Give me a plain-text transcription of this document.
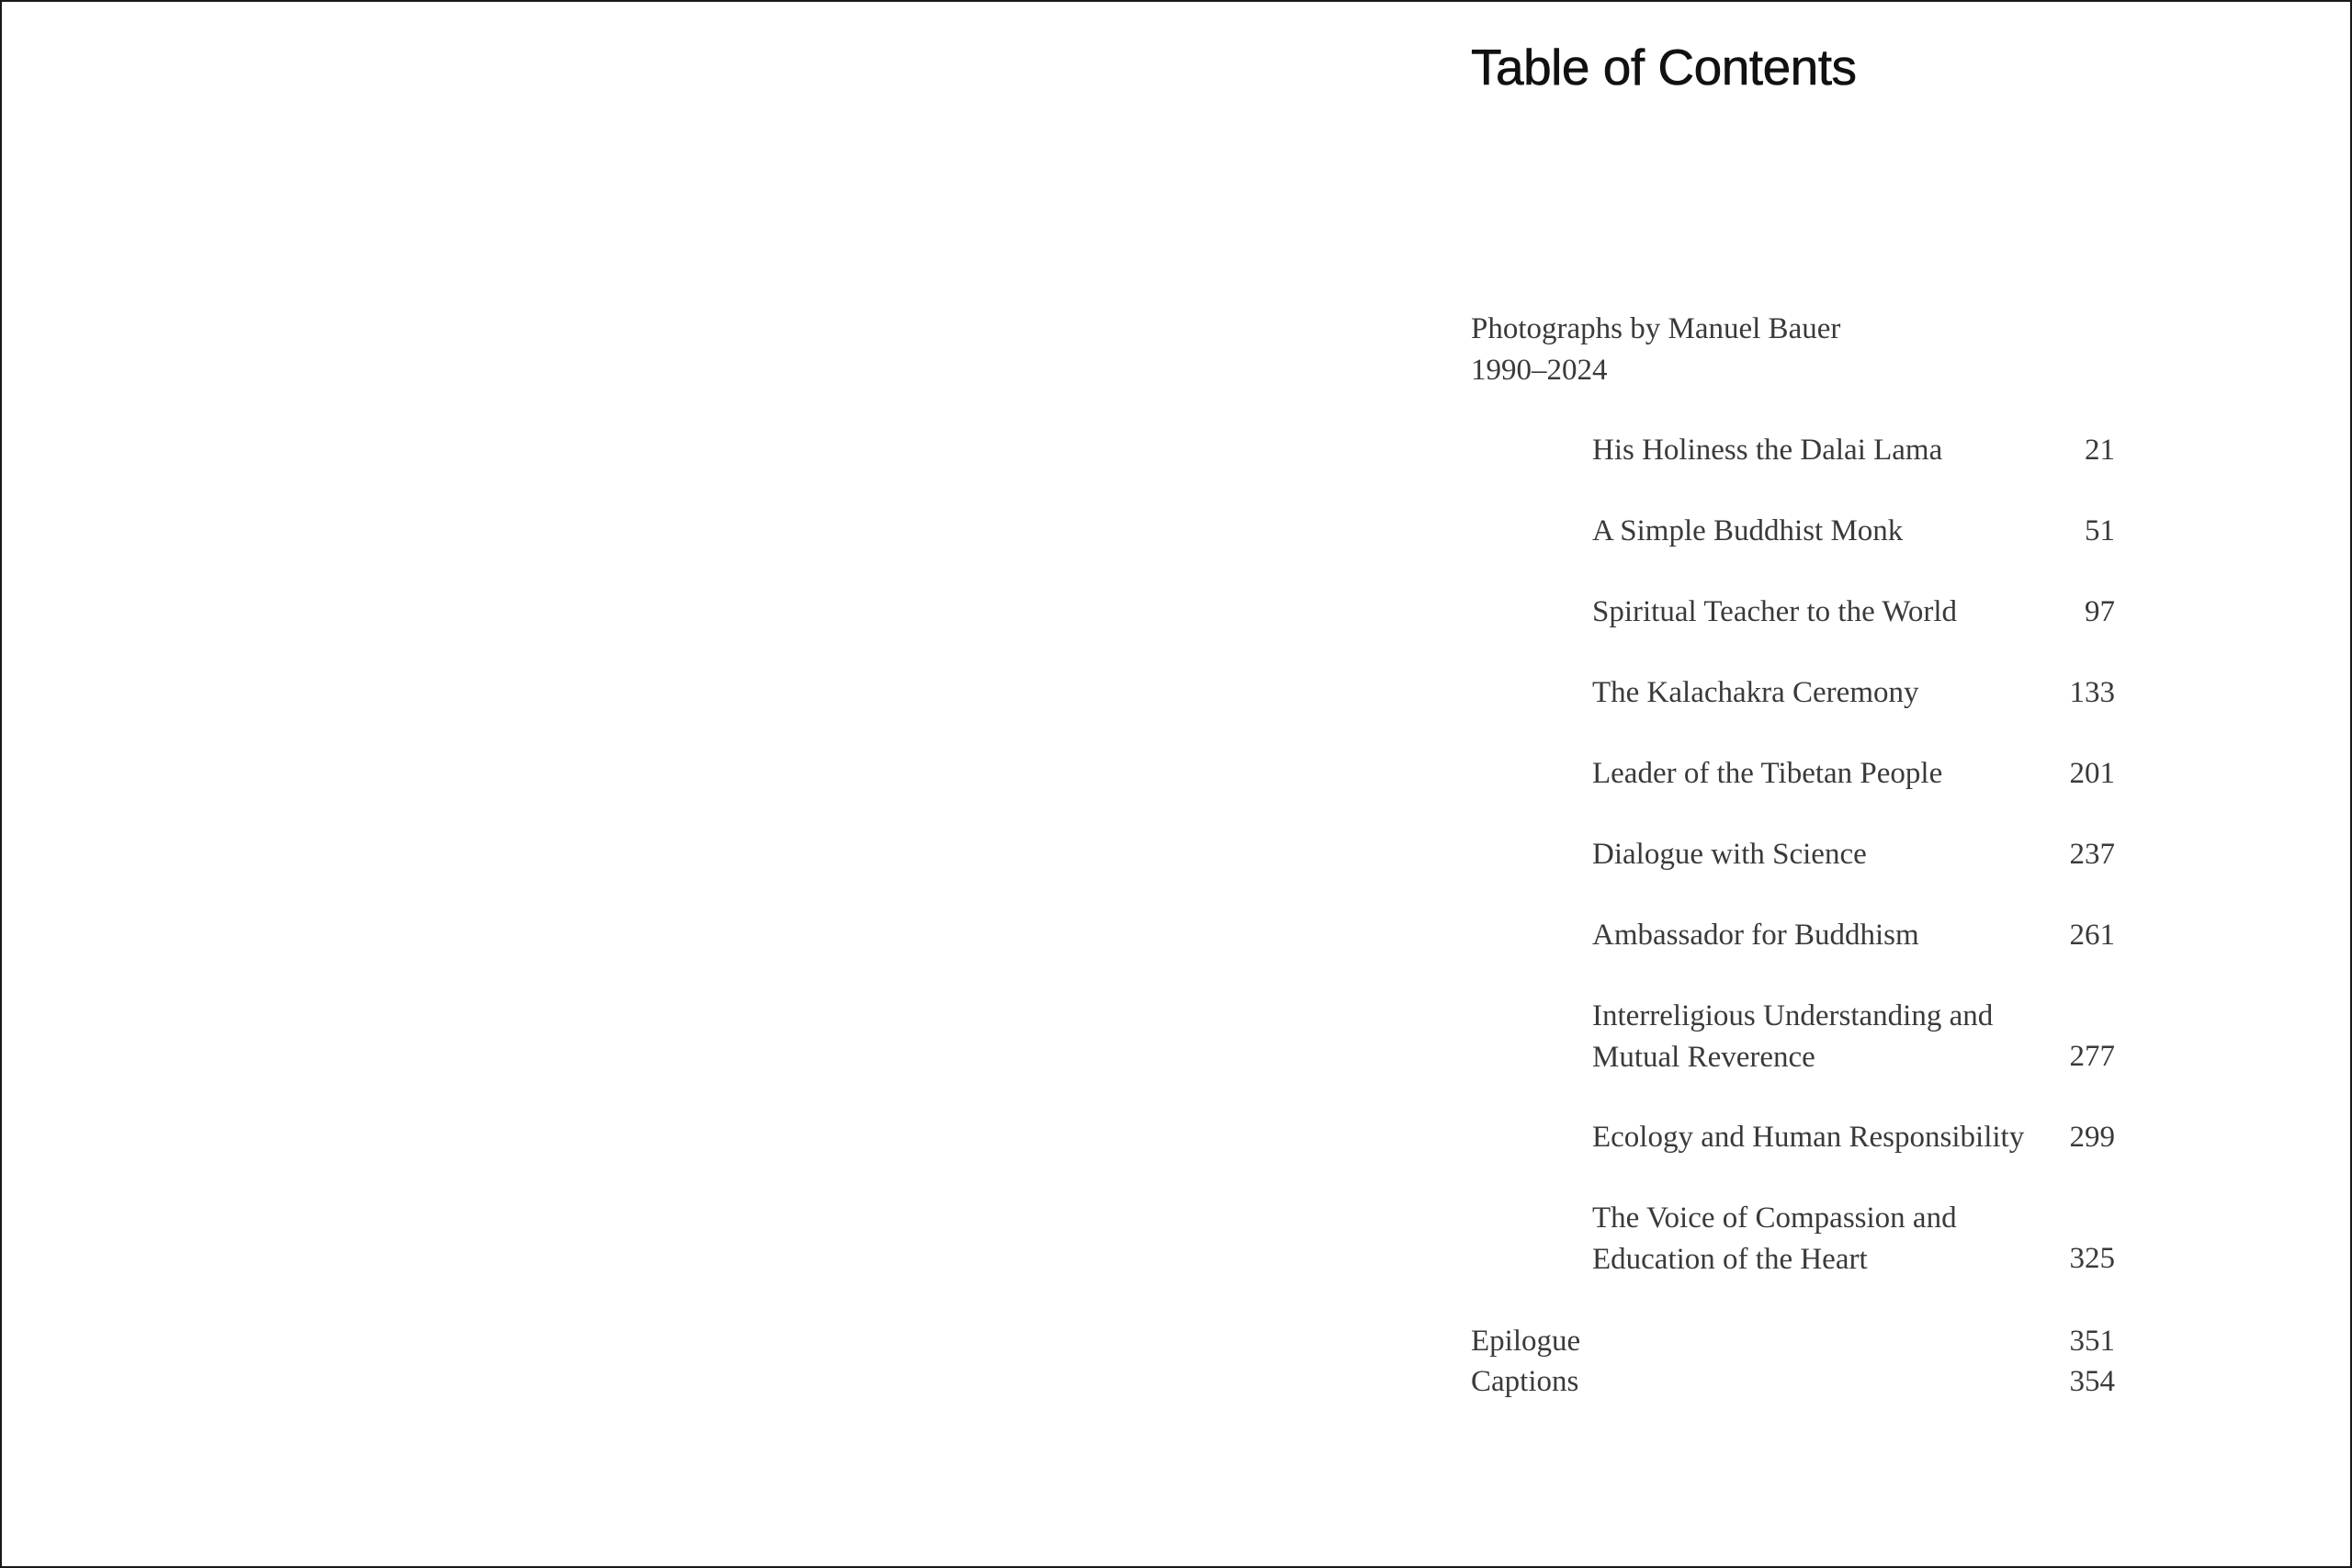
Table of Contents
Photographs by Manuel Bauer
1990–2024
His Holiness the Dalai Lama	21
A Simple Buddhist Monk	51
Spiritual Teacher to the World	97
The Kalachakra Ceremony	133
Leader of the Tibetan People	201
Dialogue with Science	237
Ambassador for Buddhism	261
Interreligious Understanding and
Mutual Reverence	277
Ecology and Human Responsibility	299
The Voice of Compassion and
Education of the Heart	325
Epilogue	351
Captions	354
